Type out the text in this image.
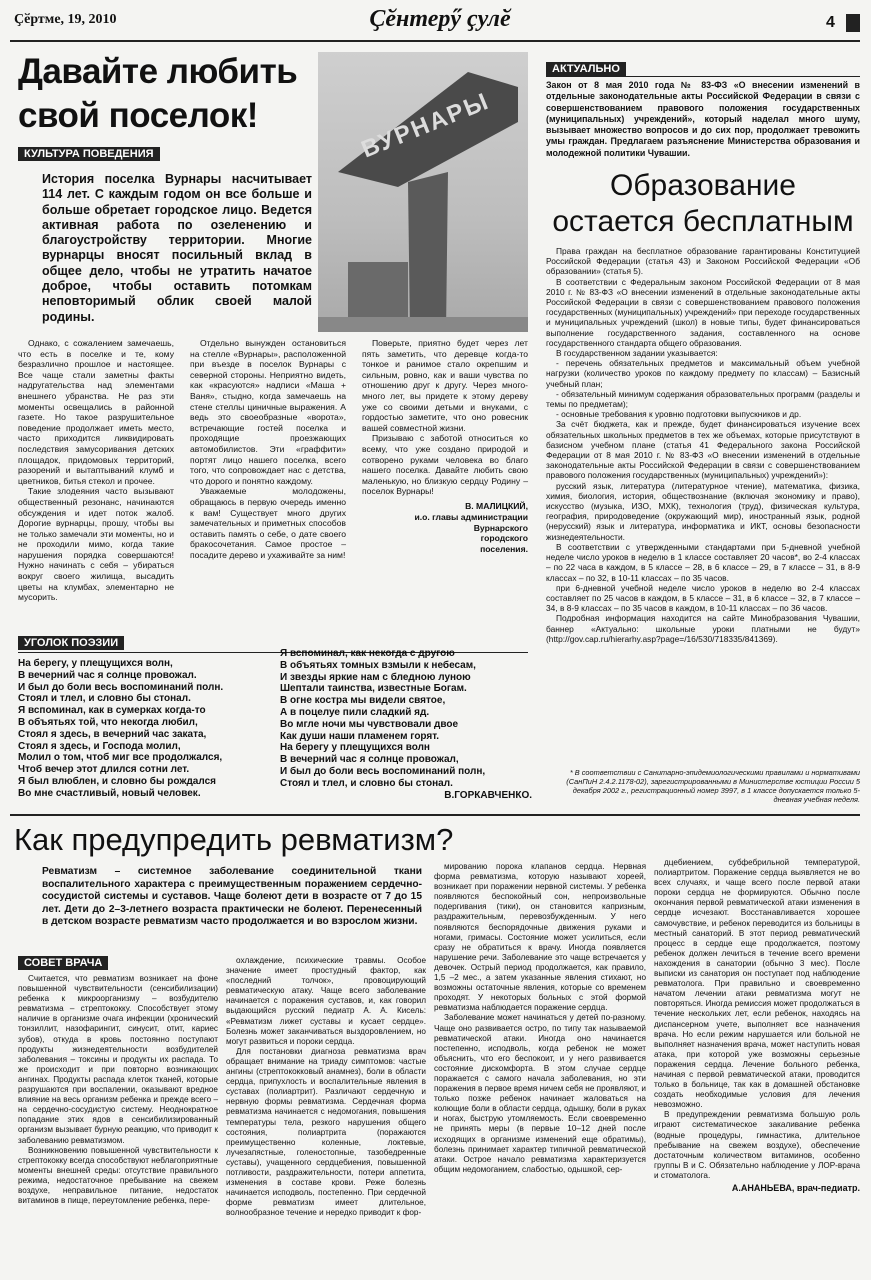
Ҫӗртме, 19, 2010	Ҫӗнтерӳ ҫулӗ	4
Давайте любить свой поселок!
КУЛЬТУРА ПОВЕДЕНИЯ	ВУРНАРЫ
История поселка Вурнары насчитывает 114 лет. С каждым годом он все больше и больше обретает городское лицо. Ведется активная работа по озеленению и благоустройству территории. Многие вурнарцы вносят посильный вклад в общее дело, чтобы не утратить начатое доброе, чтобы оставить потомкам неповторимый облик своей малой родины.

Однако, с сожалением замечаешь, что есть в поселке и те, кому безразлично прошлое и настоящее. Все чаще стали заметны факты надругательства над элементами внешнего убранства. Не раз эти моменты освещались в районной газете. Но такое разрушительное поведение продолжает иметь место, часто приходится ликвидировать последствия замусоривания детских площадок, придомовых территорий, разорений и вытаптываний клумб и цветников, битья стекол и прочее.

Такие злодеяния часто вызывают общественный резонанс, начинаются обсуждения и идет поток жалоб. Дорогие вурнарцы, прошу, чтобы вы не только замечали эти моменты, но и не проходили мимо, когда такие нарушения порядка совершаются! Нужно начинать с себя – убираться вокруг своего жилища, высадить цветы на клумбах, элементарно не мусорить.

Отдельно вынужден остановиться на стелле «Вурнары», расположенной при въезде в поселок Вурнары с северной стороны. Неприятно видеть, как «красуются» надписи «Маша + Ваня», стыдно, когда замечаешь на стене стеллы циничные выражения. А ведь это своеобразные «ворота», встречающие гостей поселка и проходящие проезжающих автомобилистов. Эти «граффити» портят лицо нашего поселка, всего того, что сопровождает нас с детства, что дорого и понятно каждому.

Уважаемые молодожены, обращаюсь в первую очередь именно к вам! Существует много других замечательных и приметных способов оставить память о себе, о дате своего бракосочетания. Самое простое – посадите дерево и ухаживайте за ним!

Поверьте, приятно будет через лет пять заметить, что деревце когда-то тонкое и ранимое стало окрепшим и сильным, ровно, как и ваши чувства по отношению друг к другу. Через много-много лет, вы придете к этому дереву уже со своими детьми и внуками, с гордостью заметите, что оно ровесник вашей совместной жизни.

Призываю с заботой относиться ко всему, что уже создано природой и сотворено руками человека во благо нашего поселка. Давайте любить свою маленькую, но близкую сердцу Родину – поселок Вурнары!

В. МАЛИЦКИЙ,
и.о. главы администрации
Вурнарского
городского
поселения.
УГОЛОК ПОЭЗИИ
На берегу, у плещущихся волн,
В вечерний час я солнце провожал.
И был до боли весь воспоминаний полн.
Стоял и тлел, и словно бы стонал.
Я вспоминал, как в сумерках когда-то
В объятьях той, что некогда любил,
Стоял я здесь, в вечерний час заката,
Стоял я здесь, и Господа молил,
Молил о том, чтоб миг все продолжался,
Чтоб вечер этот длился сотни лет.
Я был влюблен, и словно бы рождался
Во мне счастливый, новый человек.
Я вспоминал, как некогда с другою
В объятьях томных взмыли к небесам,
И звезды яркие нам с бледною луною
Шептали таинства, известные Богам.
В огне костра мы видели святое,
А в поцелуе пили сладкий яд.
Во мгле ночи мы чувствовали двое
Как души наши пламенем горят.
На берегу у плещущихся волн
В вечерний час я солнце провожал,
И был до боли весь воспоминаний полн,
Стоял и тлел, и словно бы стонал.
В.ГОРКАВЧЕНКО.
АКТУАЛЬНО
Закон от 8 мая 2010 года № 83-ФЗ «О внесении изменений в отдельные законодательные акты Российской Федерации в связи с совершенствованием правового положения государственных (муниципальных) учреждений», который наделал много шуму, вызывает множество вопросов и до сих пор, продолжает тревожить умы граждан. Предлагаем разъяснение Министерства образования и молодежной политики Чувашии.
Образование
остается бесплатным

Права граждан на бесплатное образование гарантированы Конституцией Российской Федерации (статья 43) и Законом Российской Федерации «Об образовании» (статья 5).

В соответствии с Федеральным законом Российской Федерации от 8 мая 2010 г. № 83-ФЗ «О внесении изменений в отдельные законодательные акты Российской Федерации в связи с совершенствованием правового положения государственных (муниципальных) учреждений» при переходе государственных и муниципальных учреждений (школ) в новые типы, будет финансироваться выполнение государственного задания, составленного на основе государственного стандарта общего образования.

В государственном задании указывается:

- перечень обязательных предметов и максимальный объем учебной нагрузки (количество уроков по каждому предмету по классам) – Базисный учебный план;

- обязательный минимум содержания образовательных программ (разделы и темы по предметам);

- основные требования к уровню подготовки выпускников и др.

За счёт бюджета, как и прежде, будет финансироваться изучение всех обязательных школьных предметов в тех же объемах, которые присутствуют в базисном учебном плане (статья 41 Федерального закона Российской Федерации от 8 мая 2010 г. № 83-ФЗ «О внесении изменений в отдельные законодательные акты Российской Федерации в связи с совершенствованием правового положения государственных (муниципальных) учреждений»):

русский язык, литература (литературное чтение), математика, физика, химия, биология, история, обществознание (включая экономику и право), искусство (музыка, ИЗО, МХК), технология (труд), физическая культура, география, природоведение (окружающий мир), иностранный язык, родной (нерусский) язык и литература, информатика и ИКТ, основы безопасности жизнедеятельности.

В соответствии с утвержденными стандартами при 5-дневной учебной неделе число уроков в неделю в 1 классе составляет 20 часов*, во 2-4 классах – по 22 часа в каждом, в 5 классе – 28, в 6 классе – 29, в 7 классе – 31, в 8-9 классах – по 32, в 10-11 классах – по 35 часов.

при 6-дневной учебной неделе число уроков в неделю во 2-4 классах составляет по 25 часов в каждом, в 5 классе – 31, в 6 классе – 32, в 7 классе – 34, в 8-9 классах – по 35 часов в каждом, в 10-11 классах – по 36 часов.

Подробная информация находится на сайте Минобразования Чувашии, баннер «Актуально: школьные уроки платными не будут» (http://gov.cap.ru/hierarhy.asp?page=/16/530/718335/841369).

* В соответствии с Санитарно-эпидемиологическими правилами и нормативами (СанПиН 2.4.2.1178-02), зарегистрированными в Министерстве юстиции России 5 декабря 2002 г., регистрационный номер 3997, в 1 классе допускается только 5-дневная учебная неделя.
Как предупредить ревматизм?
Ревматизм – системное заболевание соединительной ткани воспалительного характера с преимущественным поражением сердечно-сосудистой системы и суставов. Чаще болеют дети в возрасте от 7 до 15 лет. Дети до 2–3-летнего возраста практически не болеют. Перенесенный в детском возрасте ревматизм часто продолжается и во взрослом жизни.
СОВЕТ ВРАЧА

Считается, что ревматизм возникает на фоне повышенной чувствительности (сенсибилизации) ребенка к микроорганизму – возбудителю ревматизма – стрептококку. Способствует этому наличие в организме очага инфекции (хронический тонзиллит, назофарингит, синусит, отит, кариес зубов), откуда в кровь постоянно поступают продукты жизнедеятельности возбудителей заболевания – токсины и продукты их распада. То же происходит и при повторно возникающих ангинах. Продукты распада клеток тканей, которые разрушаются при воспалении, оказывают вредное влияние на весь организм ребенка и прежде всего – на сердечно-сосудистую систему. Неоднократное попадание этих ядов в сенсибилизированный организм вызывает бурную реакцию, что приводит к заболеванию ревматизмом.

Возникновению повышенной чувствительности к стрептококку всегда способствуют неблагоприятные моменты внешней среды: отсутствие правильного режима, недостаточное пребывание на свежем воздухе, неправильное питание, недостаток витаминов в пище, переутомление ребенка, пере-

охлаждение, психические травмы. Особое значение имеет простудный фактор, как «последний толчок», провоцирующий ревматическую атаку. Чаще всего заболевание начинается с поражения суставов, и, как говорил выдающийся русский педиатр А. А. Кисель: «Ревматизм лижет суставы и кусает сердце». Болезнь может заканчиваться выздоровлением, но могут развиться и пороки сердца.

Для постановки диагноза ревматизма врач обращает внимание на триаду симптомов: частые ангины (стрептококковый анамнез), боли в области сердца, припухлость и воспалительные явления в суставах (полиартрит). Различают сердечную и нервную формы ревматизма. Сердечная форма ревматизма начинается с недомогания, повышения температуры тела, резкого нарушения общего состояния, полиартрита (поражаются преимущественно коленные, локтевые, лучезапястные, голеностопные, тазобедренные суставы), учащенного сердцебиения, повышенной потливости, раздражительности, потери аппетита, изменения в составе крови. Реже болезнь начинается исподволь, постепенно. При сердечной форме ревматизм имеет длительное, волнообразное течение и нередко приводит к фор-

мированию порока клапанов сердца. Нервная форма ревматизма, которую называют хореей, возникает при поражении нервной системы. У ребенка появляются беспокойный сон, непроизвольные подергивания (тики), он становится капризным, раздражительным, перевозбужденным. У него появляются беспорядочные движения руками и ногами, гримасы. Состояние может усилиться, если сразу не обратиться к врачу. Иногда появляется нарушение речи. Заболевание это чаще встречается у девочек. Острый период продолжается, как правило, 1,5 –2 мес., а затем указанные явления стихают, но возможны остаточные явления, которые со временем проходят. У некоторых больных с этой формой ревматизма наблюдается поражение сердца.

Заболевание может начинаться у детей по-разному. Чаще оно развивается остро, по типу так называемой ревматической атаки. Иногда оно начинается постепенно, исподволь, когда ребенок не может объяснить, что его беспокоит, и у него развивается состояние дискомфорта. В этом случае сердце поражается с самого начала заболевания, но эти поражения в первое время ничем себя не проявляют, и только позже ребенок начинает жаловаться на колющие боли в области сердца, одышку, боли в руках и ногах, быструю утомляемость. Если своевременно не принять меры (в первые 10–12 дней после исходящих в организме изменений еще обратимы), болезнь принимает характер типичной ревматической атаки. Острое начало ревматизма характеризуется общим недомоганием, слабостью, одышкой, сер-

дцебиением, субфебрильной температурой, полиартритом. Поражение сердца выявляется не во всех случаях, и чаще всего после первой атаки пороки сердца не формируются. Обычно после окончания первой ревматической атаки изменения в сердце исчезают. Восстанавливается хорошее самочувствие, и ребенок переводится из больницы в местный санаторий. В этот период ревматический процесс в сердце еще продолжается, поэтому ребенок должен лечиться в течение всего времени нахождения в санатории (обычно 3 мес). После выписки из санатория он поступает под наблюдение ревматолога. При правильно и своевременно начатом лечении атаки ревматизма могут не повторяться. Иногда ремиссия может продолжаться в течение нескольких лет, если ребенок, находясь на диспансерном учете, выполняет все назначения врача. Но если режим нарушается или больной не выполняет назначения врача, может наступить новая атака, при которой уже возможны серьезные поражения сердца. Лечение больного ребенка, начиная с первой ревматической атаки, проводится только в больнице, так как в домашней обстановке создать необходимые условия для лечения невозможно.

В предупреждении ревматизма большую роль играют систематическое закаливание ребенка (водные процедуры, гимнастика, длительное пребывание на свежем воздухе), обеспечение достаточным количеством витаминов, особенно группы В и С. Обязательно наблюдение у ЛОР-врача и стоматолога.

А.АНАНЬЕВА, врач-педиатр.
